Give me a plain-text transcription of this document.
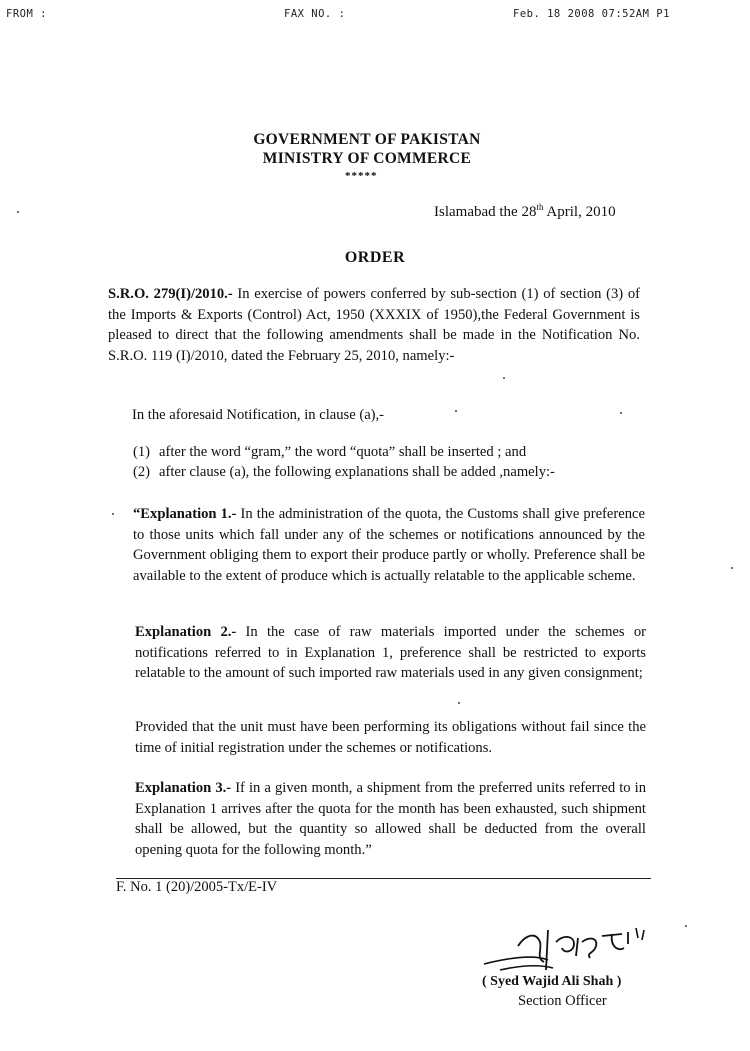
FROM :	FAX NO. :	Feb. 18 2008 07:52AM P1
GOVERNMENT OF PAKISTAN
MINISTRY OF COMMERCE
*****
Islamabad the 28th April, 2010
ORDER
S.R.O. 279(I)/2010.- In exercise of powers conferred by sub-section (1) of section (3) of the Imports & Exports (Control) Act, 1950 (XXXIX of 1950),the Federal Government is pleased to direct that the following amendments shall be made in the Notification No. S.R.O. 119 (I)/2010, dated the February 25, 2010, namely:-
In the aforesaid Notification, in clause (a),-
(1) after the word “gram,” the word “quota” shall be inserted ; and
(2) after clause (a), the following explanations shall be added ,namely:-
“Explanation 1.- In the administration of the quota, the Customs shall give preference to those units which fall under any of the schemes or notifications announced by the Government obliging them to export their produce partly or wholly. Preference shall be available to the extent of produce which is actually relatable to the applicable scheme.
Explanation 2.- In the case of raw materials imported under the schemes or notifications referred to in Explanation 1, preference shall be restricted to exports relatable to the amount of such imported raw materials used in any given consignment;
Provided that the unit must have been performing its obligations without fail since the time of initial registration under the schemes or notifications.
Explanation 3.- If in a given month, a shipment from the preferred units referred to in Explanation 1 arrives after the quota for the month has been exhausted, such shipment shall be allowed, but the quantity so allowed shall be deducted from the overall opening quota for the following month.”
F. No. 1 (20)/2005-Tx/E-IV
( Syed Wajid Ali Shah )
Section Officer
